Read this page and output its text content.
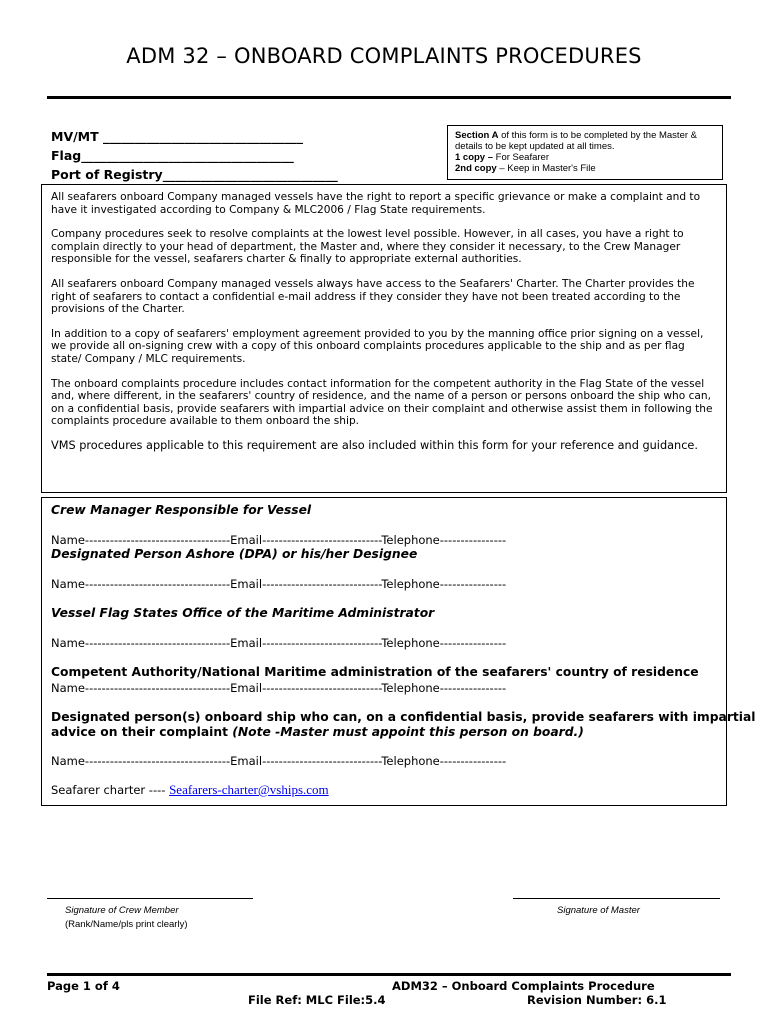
ADM 32 – ONBOARD COMPLAINTS PROCEDURES
MV/MT ________________________________
Flag__________________________________
Port of Registry____________________________
Section A of this form is to be completed by the Master & details to be kept updated at all times.
1 copy – For Seafarer
2nd copy – Keep in Master's File

All seafarers onboard Company managed vessels have the right to report a specific grievance or make a complaint and to have it investigated according to Company & MLC2006 / Flag State requirements.

Company procedures seek to resolve complaints at the lowest level possible. However, in all cases, you have a right to complain directly to your head of department, the Master and, where they consider it necessary, to the Crew Manager responsible for the vessel, seafarers charter & finally to appropriate external authorities.

All seafarers onboard Company managed vessels always have access to the Seafarers' Charter. The Charter provides the right of seafarers to contact a confidential e-mail address if they consider they have not been treated according to the provisions of the Charter.

In addition to a copy of seafarers' employment agreement provided to you by the manning office prior signing on a vessel, we provide all on-signing crew with a copy of this onboard complaints procedures applicable to the ship and as per flag state/ Company / MLC requirements.

The onboard complaints procedure includes contact information for the competent authority in the Flag State of the vessel and, where different, in the seafarers' country of residence, and the name of a person or persons onboard the ship who can, on a confidential basis, provide seafarers with impartial advice on their complaint and otherwise assist them in following the complaints procedure available to them onboard the ship.

VMS procedures applicable to this requirement are also included within this form for your reference and guidance.

Crew Manager Responsible for Vessel
Name-----------------------------------Email-----------------------------Telephone----------------
Designated Person Ashore (DPA) or his/her Designee
Name-----------------------------------Email-----------------------------Telephone----------------
Vessel Flag States Office of the Maritime Administrator
Name-----------------------------------Email-----------------------------Telephone----------------
Competent Authority/National Maritime administration of the seafarers' country of residence
Name-----------------------------------Email-----------------------------Telephone----------------
Designated person(s) onboard ship who can, on a confidential basis, provide seafarers with impartial
advice on their complaint (Note -Master must appoint this person on board.)
Name-----------------------------------Email-----------------------------Telephone----------------
Seafarer charter ---- Seafarers-charter@vships.com
Signature of Crew Member
(Rank/Name/pls print clearly)
Signature of Master
Page 1 of 4	ADM32 – Onboard Complaints Procedure
File Ref: MLC File:5.4	Revision Number: 6.1
